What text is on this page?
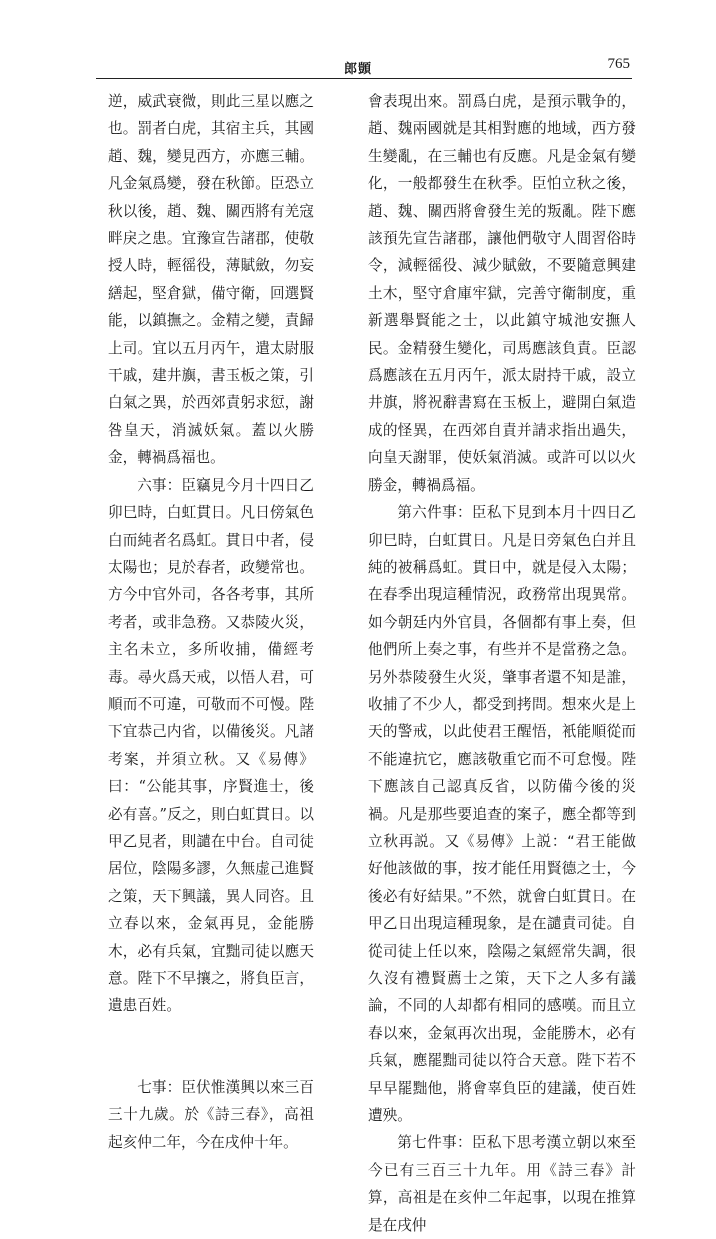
郎顗	765

逆，威武衰微，則此三星以應之也。罰者白虎，其宿主兵，其國趙、魏，變見西方，亦應三輔。凡金氣爲變，發在秋節。臣恐立秋以後，趙、魏、關西將有羌寇畔戾之患。宜豫宣告諸郡，使敬授人時，輕徭役，薄賦斂，勿妄繕起，堅倉獄，備守衛，回選賢能，以鎮撫之。金精之變，責歸上司。宜以五月丙午，遣太尉服干戚，建井旟，書玉板之策，引白氣之異，於西郊責躬求愆，謝咎皇天，消滅妖氣。蓋以火勝金，轉禍爲福也。

六事：臣竊見今月十四日乙卯巳時，白虹貫日。凡日傍氣色白而純者名爲虹。貫日中者，侵太陽也；見於春者，政變常也。方今中官外司，各各考事，其所考者，或非急務。又恭陵火災，主名未立，多所收捕，備經考毒。尋火爲天戒，以悟人君，可順而不可違，可敬而不可慢。陛下宜恭己内省，以備後災。凡諸考案，并須立秋。又《易傳》曰：“公能其事，序賢進士，後必有喜。”反之，則白虹貫日。以甲乙見者，則譴在中台。自司徒居位，陰陽多謬，久無虚己進賢之策，天下興議，異人同咨。且立春以來，金氣再見，金能勝木，必有兵氣，宜黜司徒以應天意。陛下不早攘之，將負臣言，遺患百姓。

七事：臣伏惟漢興以來三百三十九歲。於《詩三春》，高祖起亥仲二年，今在戌仲十年。

會表現出來。罰爲白虎，是預示戰争的，趙、魏兩國就是其相對應的地域，西方發生變亂，在三輔也有反應。凡是金氣有變化，一般都發生在秋季。臣怕立秋之後，趙、魏、關西將會發生羌的叛亂。陛下應該預先宣告諸郡，讓他們敬守人間習俗時令，減輕徭役、減少賦斂，不要隨意興建土木，堅守倉庫牢獄，完善守衛制度，重新選舉賢能之士，以此鎮守城池安撫人民。金精發生變化，司馬應該負責。臣認爲應該在五月丙午，派太尉持干戚，設立井旗，將祝辭書寫在玉板上，避開白氣造成的怪異，在西郊自責并請求指出過失，向皇天謝罪，使妖氣消滅。或許可以以火勝金，轉禍爲福。

第六件事：臣私下見到本月十四日乙卯巳時，白虹貫日。凡是日旁氣色白并且純的被稱爲虹。貫日中，就是侵入太陽；在春季出現這種情況，政務常出現異常。如今朝廷内外官員，各個都有事上奏，但他們所上奏之事，有些并不是當務之急。另外恭陵發生火災，肇事者還不知是誰，收捕了不少人，都受到拷問。想來火是上天的警戒，以此使君王醒悟，衹能順從而不能違抗它，應該敬重它而不可怠慢。陛下應該自己認真反省，以防備今後的災禍。凡是那些要追查的案子，應全都等到立秋再説。又《易傳》上説：“君王能做好他該做的事，按才能任用賢德之士，今後必有好結果。”不然，就會白虹貫日。在甲乙日出現這種現象，是在譴責司徒。自從司徒上任以來，陰陽之氣經常失調，很久沒有禮賢薦士之策，天下之人多有議論，不同的人却都有相同的感嘆。而且立春以來，金氣再次出現，金能勝木，必有兵氣，應罷黜司徒以符合天意。陛下若不早早罷黜他，將會辜負臣的建議，使百姓遭殃。

第七件事：臣私下思考漢立朝以來至今已有三百三十九年。用《詩三春》計算，高祖是在亥仲二年起事，以現在推算是在戌仲
